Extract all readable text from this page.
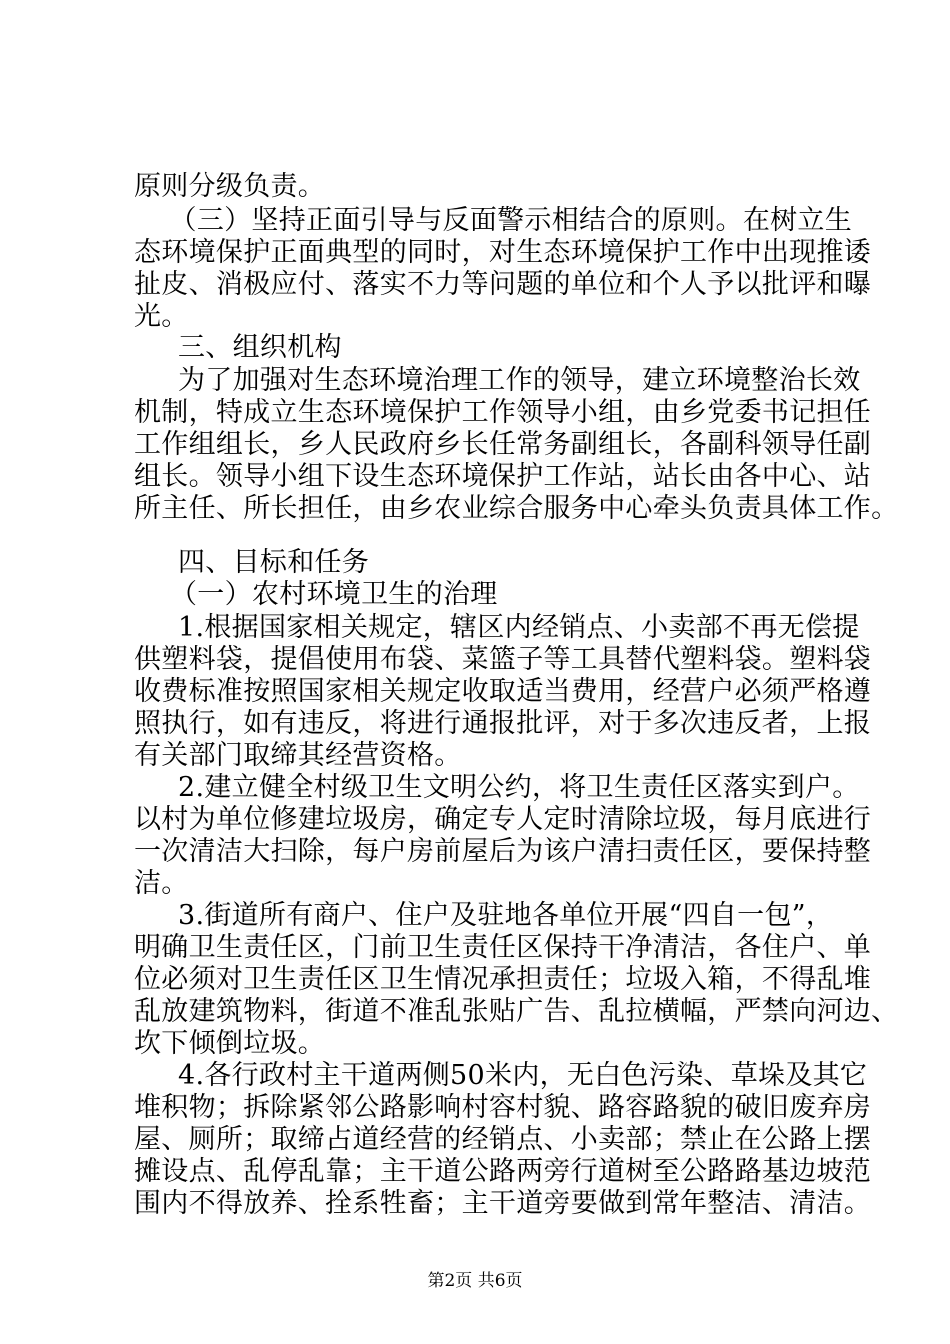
原则分级负责。
（三）坚持正面引导与反面警示相结合的原则。在树立生
态环境保护正面典型的同时，对生态环境保护工作中出现推诿
扯皮、消极应付、落实不力等问题的单位和个人予以批评和曝
光。
三、组织机构
为了加强对生态环境治理工作的领导，建立环境整治长效
机制，特成立生态环境保护工作领导小组，由乡党委书记担任
工作组组长，乡人民政府乡长任常务副组长，各副科领导任副
组长。领导小组下设生态环境保护工作站，站长由各中心、站
所主任、所长担任，由乡农业综合服务中心牵头负责具体工作。
四、目标和任务
（一）农村环境卫生的治理
1.根据国家相关规定，辖区内经销点、小卖部不再无偿提
供塑料袋，提倡使用布袋、菜篮子等工具替代塑料袋。塑料袋
收费标准按照国家相关规定收取适当费用，经营户必须严格遵
照执行，如有违反，将进行通报批评，对于多次违反者，上报
有关部门取缔其经营资格。
2.建立健全村级卫生文明公约，将卫生责任区落实到户。
以村为单位修建垃圾房，确定专人定时清除垃圾，每月底进行
一次清洁大扫除，每户房前屋后为该户清扫责任区，要保持整
洁。
3.街道所有商户、住户及驻地各单位开展“四自一包”，
明确卫生责任区，门前卫生责任区保持干净清洁，各住户、单
位必须对卫生责任区卫生情况承担责任；垃圾入箱，不得乱堆
乱放建筑物料，街道不准乱张贴广告、乱拉横幅，严禁向河边、
坎下倾倒垃圾。
4.各行政村主干道两侧50米内，无白色污染、草垛及其它
堆积物；拆除紧邻公路影响村容村貌、路容路貌的破旧废弃房
屋、厕所；取缔占道经营的经销点、小卖部；禁止在公路上摆
摊设点、乱停乱靠；主干道公路两旁行道树至公路路基边坡范
围内不得放养、拴系牲畜；主干道旁要做到常年整洁、清洁。
第2页 共6页
